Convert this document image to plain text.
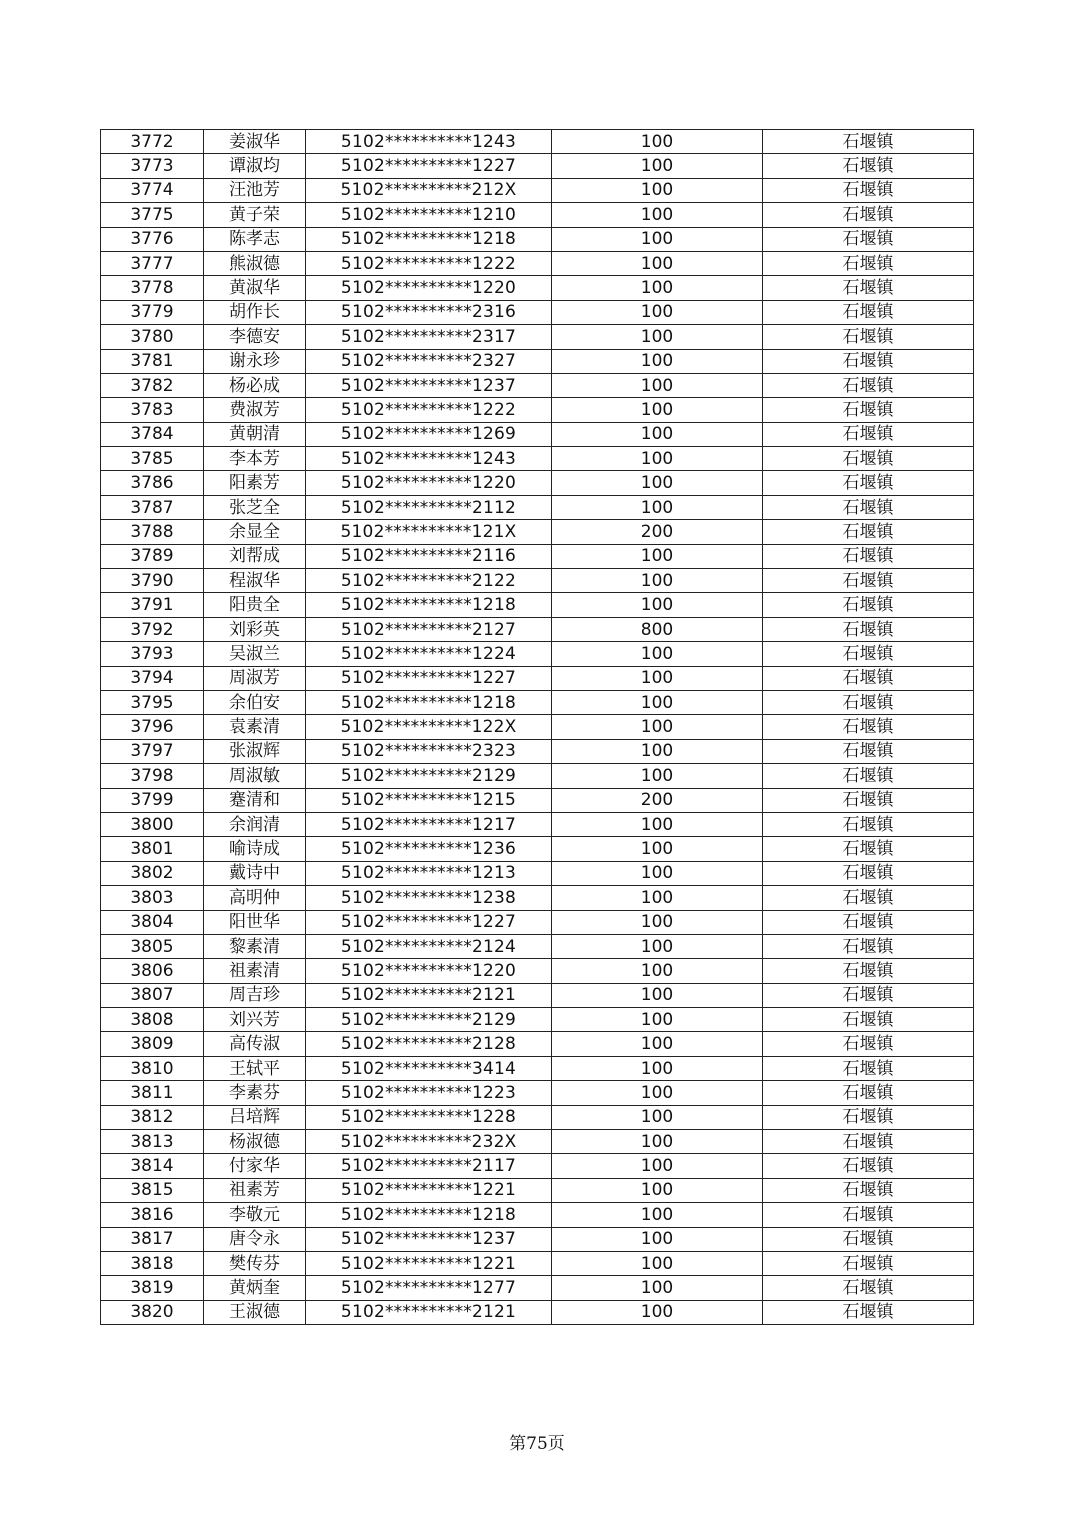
3772	姜淑华	5102**********1243	100	石堰镇
3773	谭淑均	5102**********1227	100	石堰镇
3774	汪池芳	5102**********212X	100	石堰镇
3775	黄子荣	5102**********1210	100	石堰镇
3776	陈孝志	5102**********1218	100	石堰镇
3777	熊淑德	5102**********1222	100	石堰镇
3778	黄淑华	5102**********1220	100	石堰镇
3779	胡作长	5102**********2316	100	石堰镇
3780	李德安	5102**********2317	100	石堰镇
3781	谢永珍	5102**********2327	100	石堰镇
3782	杨必成	5102**********1237	100	石堰镇
3783	费淑芳	5102**********1222	100	石堰镇
3784	黄朝清	5102**********1269	100	石堰镇
3785	李本芳	5102**********1243	100	石堰镇
3786	阳素芳	5102**********1220	100	石堰镇
3787	张芝全	5102**********2112	100	石堰镇
3788	余显全	5102**********121X	200	石堰镇
3789	刘帮成	5102**********2116	100	石堰镇
3790	程淑华	5102**********2122	100	石堰镇
3791	阳贵全	5102**********1218	100	石堰镇
3792	刘彩英	5102**********2127	800	石堰镇
3793	吴淑兰	5102**********1224	100	石堰镇
3794	周淑芳	5102**********1227	100	石堰镇
3795	余伯安	5102**********1218	100	石堰镇
3796	袁素清	5102**********122X	100	石堰镇
3797	张淑辉	5102**********2323	100	石堰镇
3798	周淑敏	5102**********2129	100	石堰镇
3799	蹇清和	5102**********1215	200	石堰镇
3800	余润清	5102**********1217	100	石堰镇
3801	喻诗成	5102**********1236	100	石堰镇
3802	戴诗中	5102**********1213	100	石堰镇
3803	高明仲	5102**********1238	100	石堰镇
3804	阳世华	5102**********1227	100	石堰镇
3805	黎素清	5102**********2124	100	石堰镇
3806	祖素清	5102**********1220	100	石堰镇
3807	周吉珍	5102**********2121	100	石堰镇
3808	刘兴芳	5102**********2129	100	石堰镇
3809	高传淑	5102**********2128	100	石堰镇
3810	王轼平	5102**********3414	100	石堰镇
3811	李素芬	5102**********1223	100	石堰镇
3812	吕培辉	5102**********1228	100	石堰镇
3813	杨淑德	5102**********232X	100	石堰镇
3814	付家华	5102**********2117	100	石堰镇
3815	祖素芳	5102**********1221	100	石堰镇
3816	李敬元	5102**********1218	100	石堰镇
3817	唐令永	5102**********1237	100	石堰镇
3818	樊传芬	5102**********1221	100	石堰镇
3819	黄炳奎	5102**********1277	100	石堰镇
3820	王淑德	5102**********2121	100	石堰镇
第75页
